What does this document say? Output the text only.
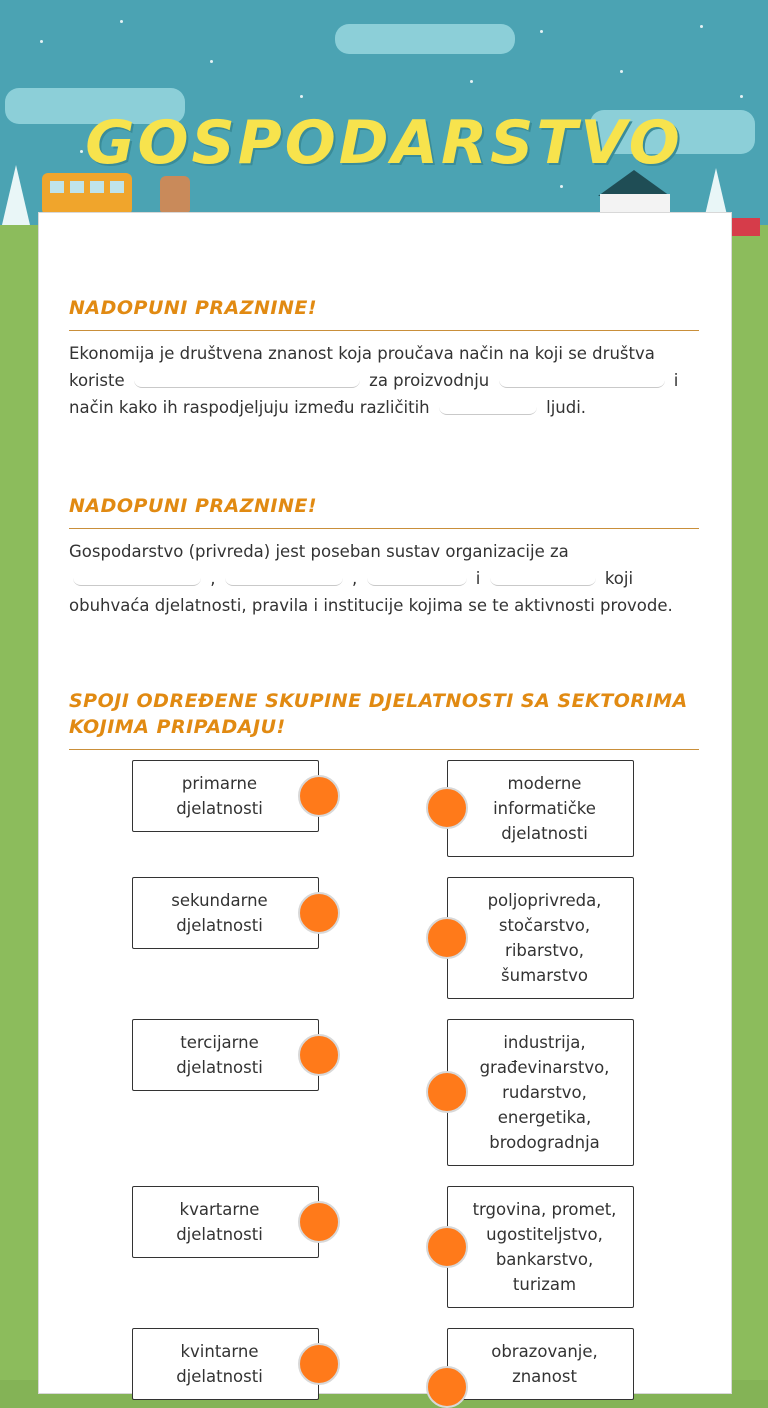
GOSPODARSTVO
NADOPUNI PRAZNINE!
Ekonomija je društvena znanost koja proučava način na koji se društva koriste	za proizvodnju	i način kako ih raspodjeljuju između različitih	ljudi.
NADOPUNI PRAZNINE!
Gospodarstvo (privreda) jest poseban sustav organizacije za  ,	,	i	koji obuhvaća djelatnosti, pravila i institucije kojima se te aktivnosti provode.
SPOJI ODREĐENE SKUPINE DJELATNOSTI SA SEKTORIMA KOJIMA PRIPADAJU!
primarne djelatnosti
moderne informatičke djelatnosti
sekundarne djelatnosti
poljoprivreda, stočarstvo, ribarstvo, šumarstvo
tercijarne djelatnosti
industrija, građevinarstvo, rudarstvo, energetika, brodogradnja
kvartarne djelatnosti
trgovina, promet, ugostiteljstvo, bankarstvo, turizam
kvintarne djelatnosti
obrazovanje, znanost
